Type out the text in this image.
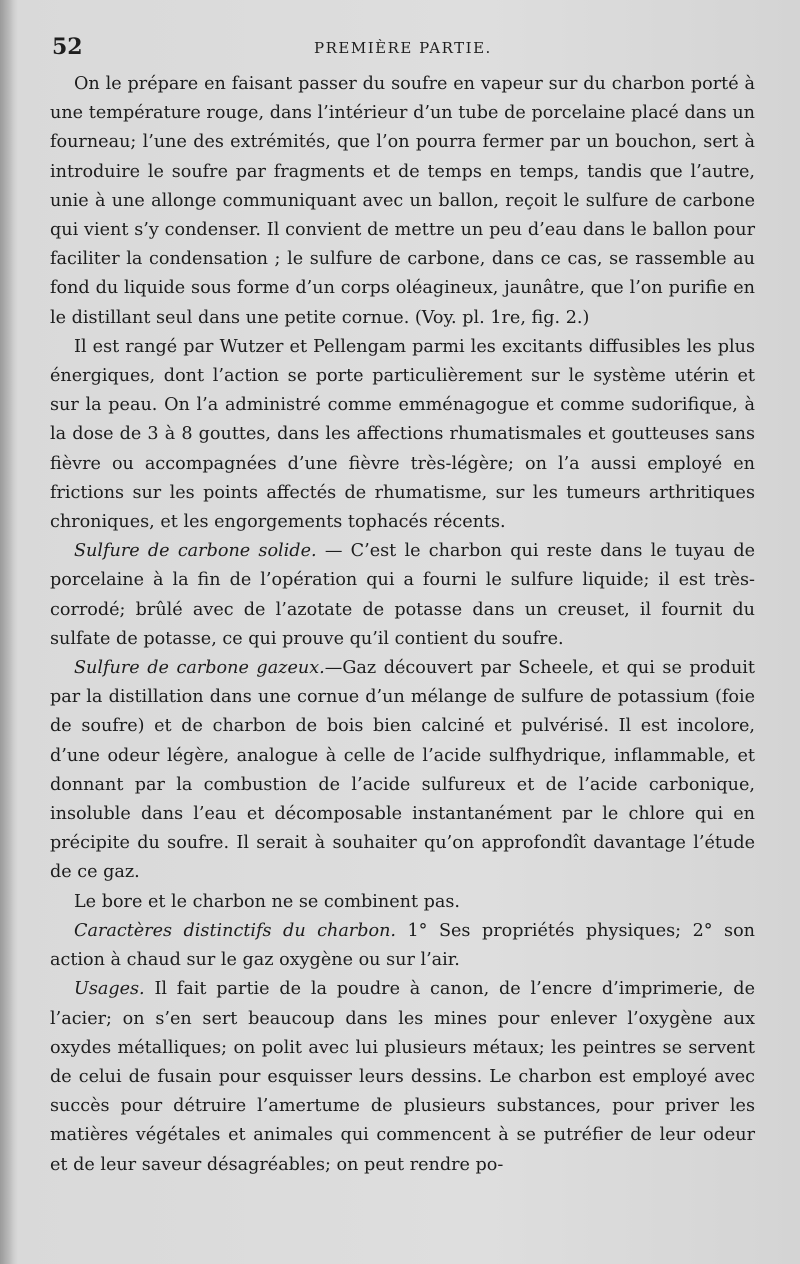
52	PREMIÈRE PARTIE.

On le prépare en faisant passer du soufre en vapeur sur du charbon porté à une température rouge, dans l’intérieur d’un tube de porcelaine placé dans un fourneau; l’une des extrémités, que l’on pourra fermer par un bouchon, sert à introduire le soufre par fragments et de temps en temps, tandis que l’autre, unie à une allonge communiquant avec un ballon, reçoit le sulfure de carbone qui vient s’y condenser. Il convient de mettre un peu d’eau dans le ballon pour faciliter la condensation ; le sulfure de carbone, dans ce cas, se rassemble au fond du liquide sous forme d’un corps oléagineux, jaunâtre, que l’on purifie en le distillant seul dans une petite cornue. (Voy. pl. 1re, fig. 2.)

Il est rangé par Wutzer et Pellengam parmi les excitants diffusibles les plus énergiques, dont l’action se porte particulièrement sur le système utérin et sur la peau. On l’a administré comme emménagogue et comme sudorifique, à la dose de 3 à 8 gouttes, dans les affections rhumatismales et goutteuses sans fièvre ou accompagnées d’une fièvre très-légère; on l’a aussi employé en frictions sur les points affectés de rhumatisme, sur les tumeurs arthritiques chroniques, et les engorgements tophacés récents.

Sulfure de carbone solide. — C’est le charbon qui reste dans le tuyau de porcelaine à la fin de l’opération qui a fourni le sulfure liquide; il est très-corrodé; brûlé avec de l’azotate de potasse dans un creuset, il fournit du sulfate de potasse, ce qui prouve qu’il contient du soufre.

Sulfure de carbone gazeux.—Gaz découvert par Scheele, et qui se produit par la distillation dans une cornue d’un mélange de sulfure de potassium (foie de soufre) et de charbon de bois bien calciné et pulvérisé. Il est incolore, d’une odeur légère, analogue à celle de l’acide sulfhydrique, inflammable, et donnant par la combustion de l’acide sulfureux et de l’acide carbonique, insoluble dans l’eau et décomposable instantanément par le chlore qui en précipite du soufre. Il serait à souhaiter qu’on approfondît davantage l’étude de ce gaz.

Le bore et le charbon ne se combinent pas.

Caractères distinctifs du charbon. 1° Ses propriétés physiques; 2° son action à chaud sur le gaz oxygène ou sur l’air.

Usages. Il fait partie de la poudre à canon, de l’encre d’imprimerie, de l’acier; on s’en sert beaucoup dans les mines pour enlever l’oxygène aux oxydes métalliques; on polit avec lui plusieurs métaux; les peintres se servent de celui de fusain pour esquisser leurs dessins. Le charbon est employé avec succès pour détruire l’amertume de plusieurs substances, pour priver les matières végétales et animales qui commencent à se putréfier de leur odeur et de leur saveur désagréables; on peut rendre po-
